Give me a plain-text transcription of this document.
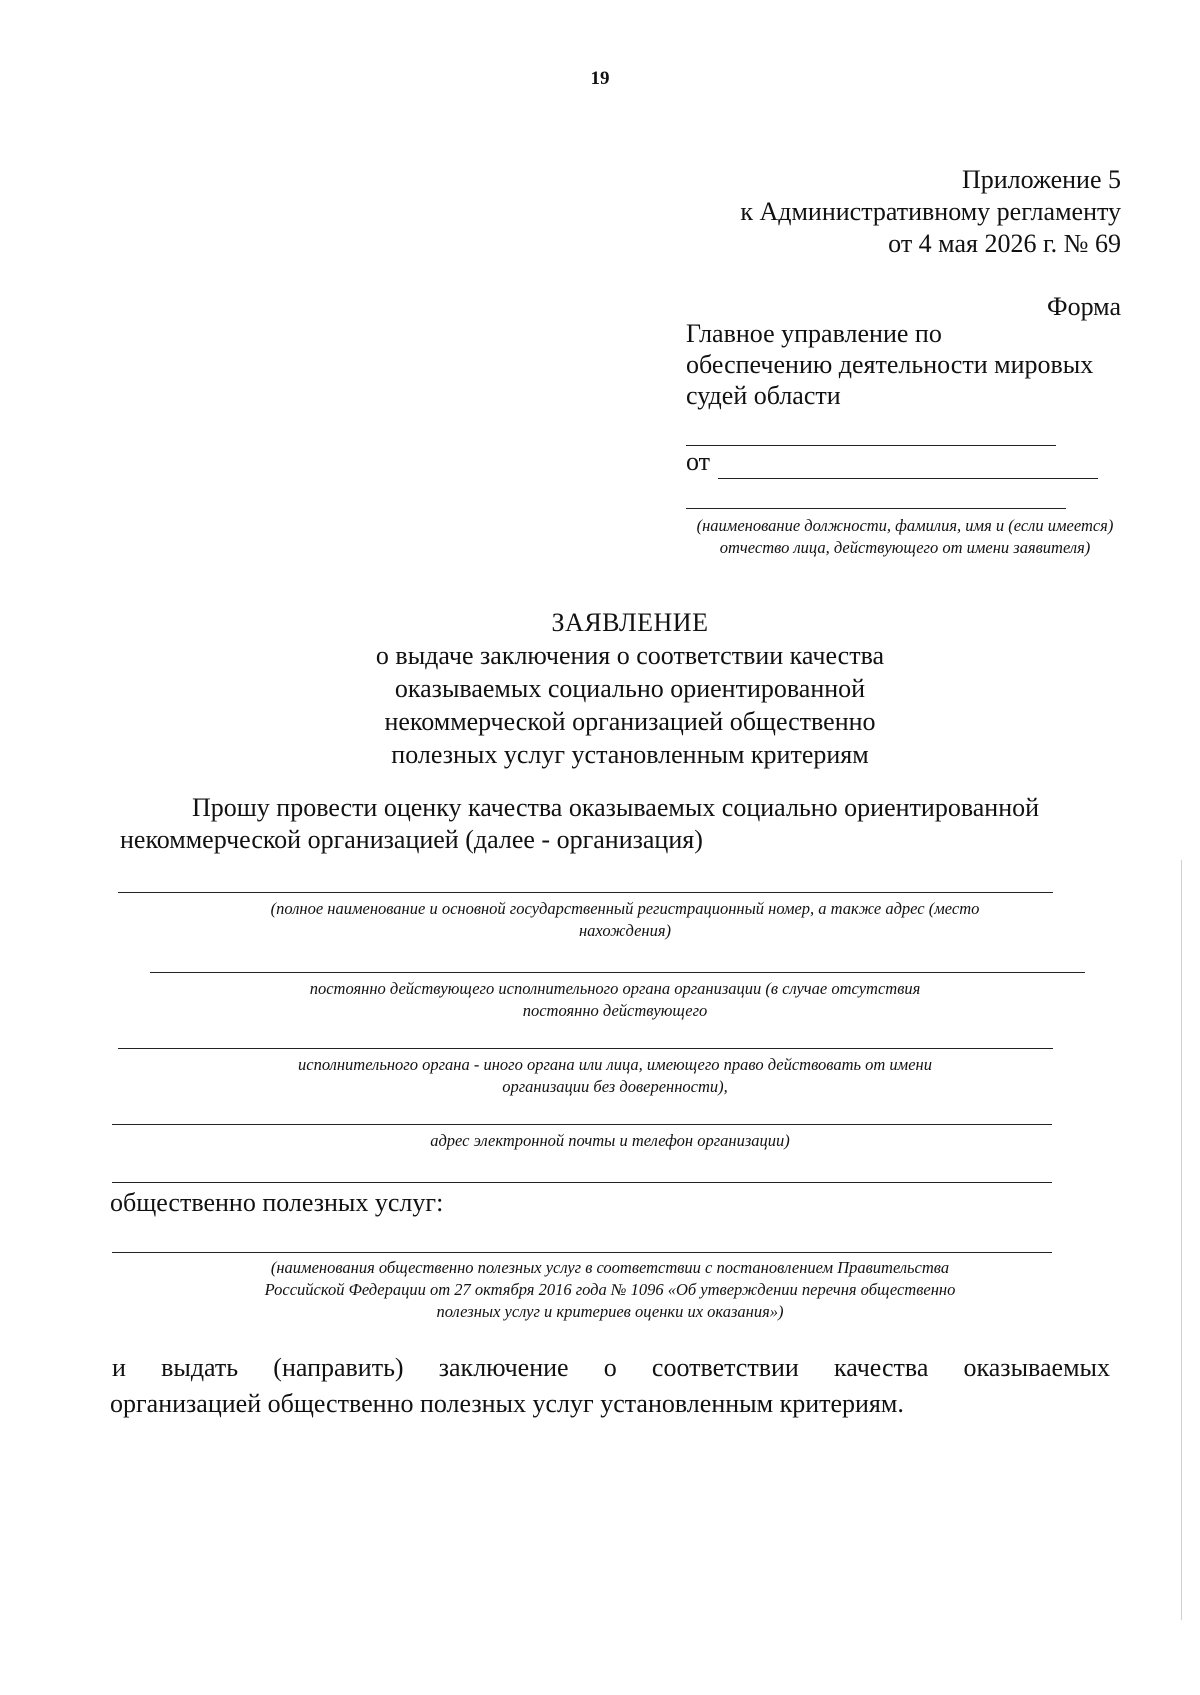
19
Приложение 5
к Административному регламенту
от 4 мая 2026 г. № 69
Форма
Главное управление по
обеспечению деятельности мировых
судей области
от
(наименование должности, фамилия, имя и (если имеется) отчество лица, действующего от имени заявителя)
ЗАЯВЛЕНИЕ
о выдаче заключения о соответствии качества
оказываемых социально ориентированной
некоммерческой организацией общественно
полезных услуг установленным критериям
Прошу провести оценку качества оказываемых социально ориентированной
некоммерческой организацией (далее - организация)
(полное наименование и основной государственный регистрационный номер, а также адрес (место нахождения)
постоянно действующего исполнительного органа организации (в случае отсутствия постоянно действующего
исполнительного органа - иного органа или лица, имеющего право действовать от имени организации без доверенности),
адрес электронной почты и телефон организации)
общественно полезных услуг:
(наименования общественно полезных услуг в соответствии с постановлением Правительства Российской Федерации от 27 октября 2016 года № 1096 «Об утверждении перечня общественно полезных услуг и критериев оценки их оказания»)
и выдать (направить) заключение о соответствии качества оказываемых
организацией общественно полезных услуг установленным критериям.
